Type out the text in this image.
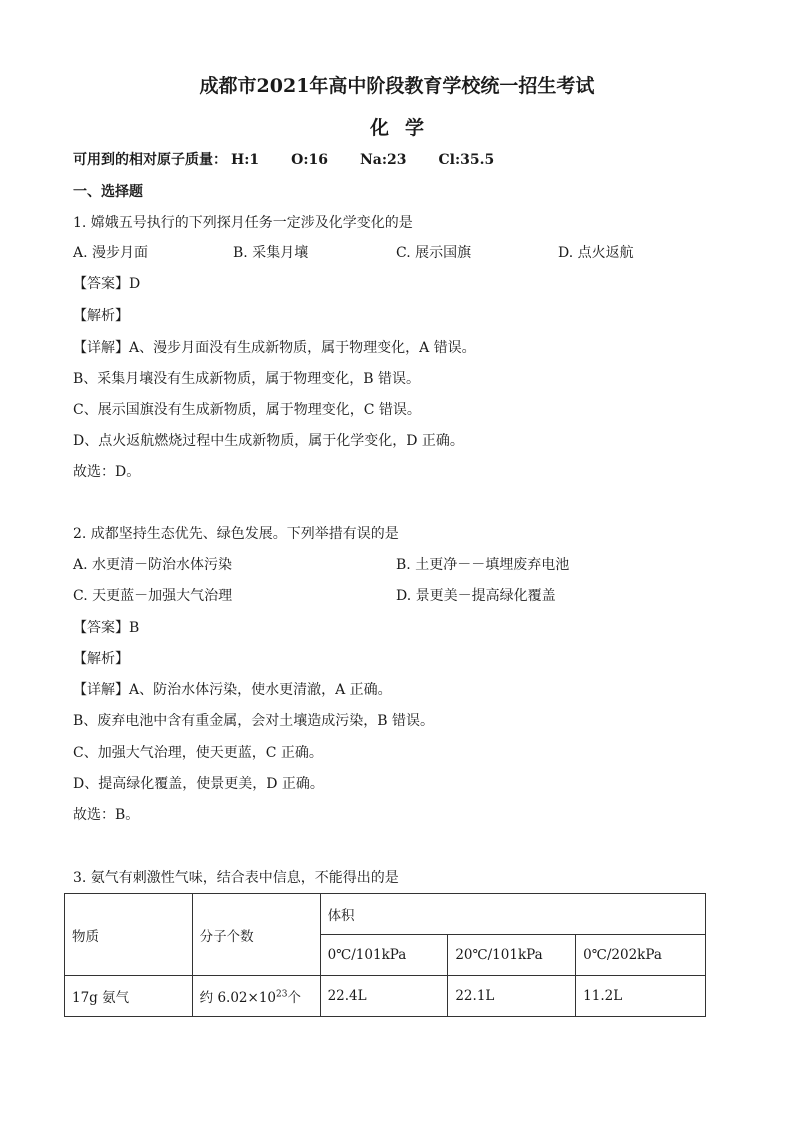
成都市2021年高中阶段教育学校统一招生考试
化学
可用到的相对原子质量： H:1 O:16 Na:23 Cl:35.5
一、选择题
1. 嫦娥五号执行的下列探月任务一定涉及化学变化的是
A. 漫步月面	B. 采集月壤	C. 展示国旗	D. 点火返航
【答案】D
【解析】
【详解】A、漫步月面没有生成新物质，属于物理变化，A 错误。
B、采集月壤没有生成新物质，属于物理变化，B 错误。
C、展示国旗没有生成新物质，属于物理变化，C 错误。
D、点火返航燃烧过程中生成新物质，属于化学变化，D 正确。
故选：D。
2. 成都坚持生态优先、绿色发展。下列举措有误的是
A. 水更清－防治水体污染	B. 土更净－－填埋废弃电池
C. 天更蓝－加强大气治理	D. 景更美－提高绿化覆盖
【答案】B
【解析】
【详解】A、防治水体污染，使水更清澈，A 正确。
B、废弃电池中含有重金属，会对土壤造成污染，B 错误。
C、加强大气治理，使天更蓝，C 正确。
D、提高绿化覆盖，使景更美，D 正确。
故选：B。
3. 氨气有刺激性气味，结合表中信息，不能得出的是
物质	分子个数	体积		
		0℃/101kPa	20℃/101kPa	0℃/202kPa
17g 氨气	约 $6.02\times 10^{23}$个	22.4L	22.1L	11.2L
